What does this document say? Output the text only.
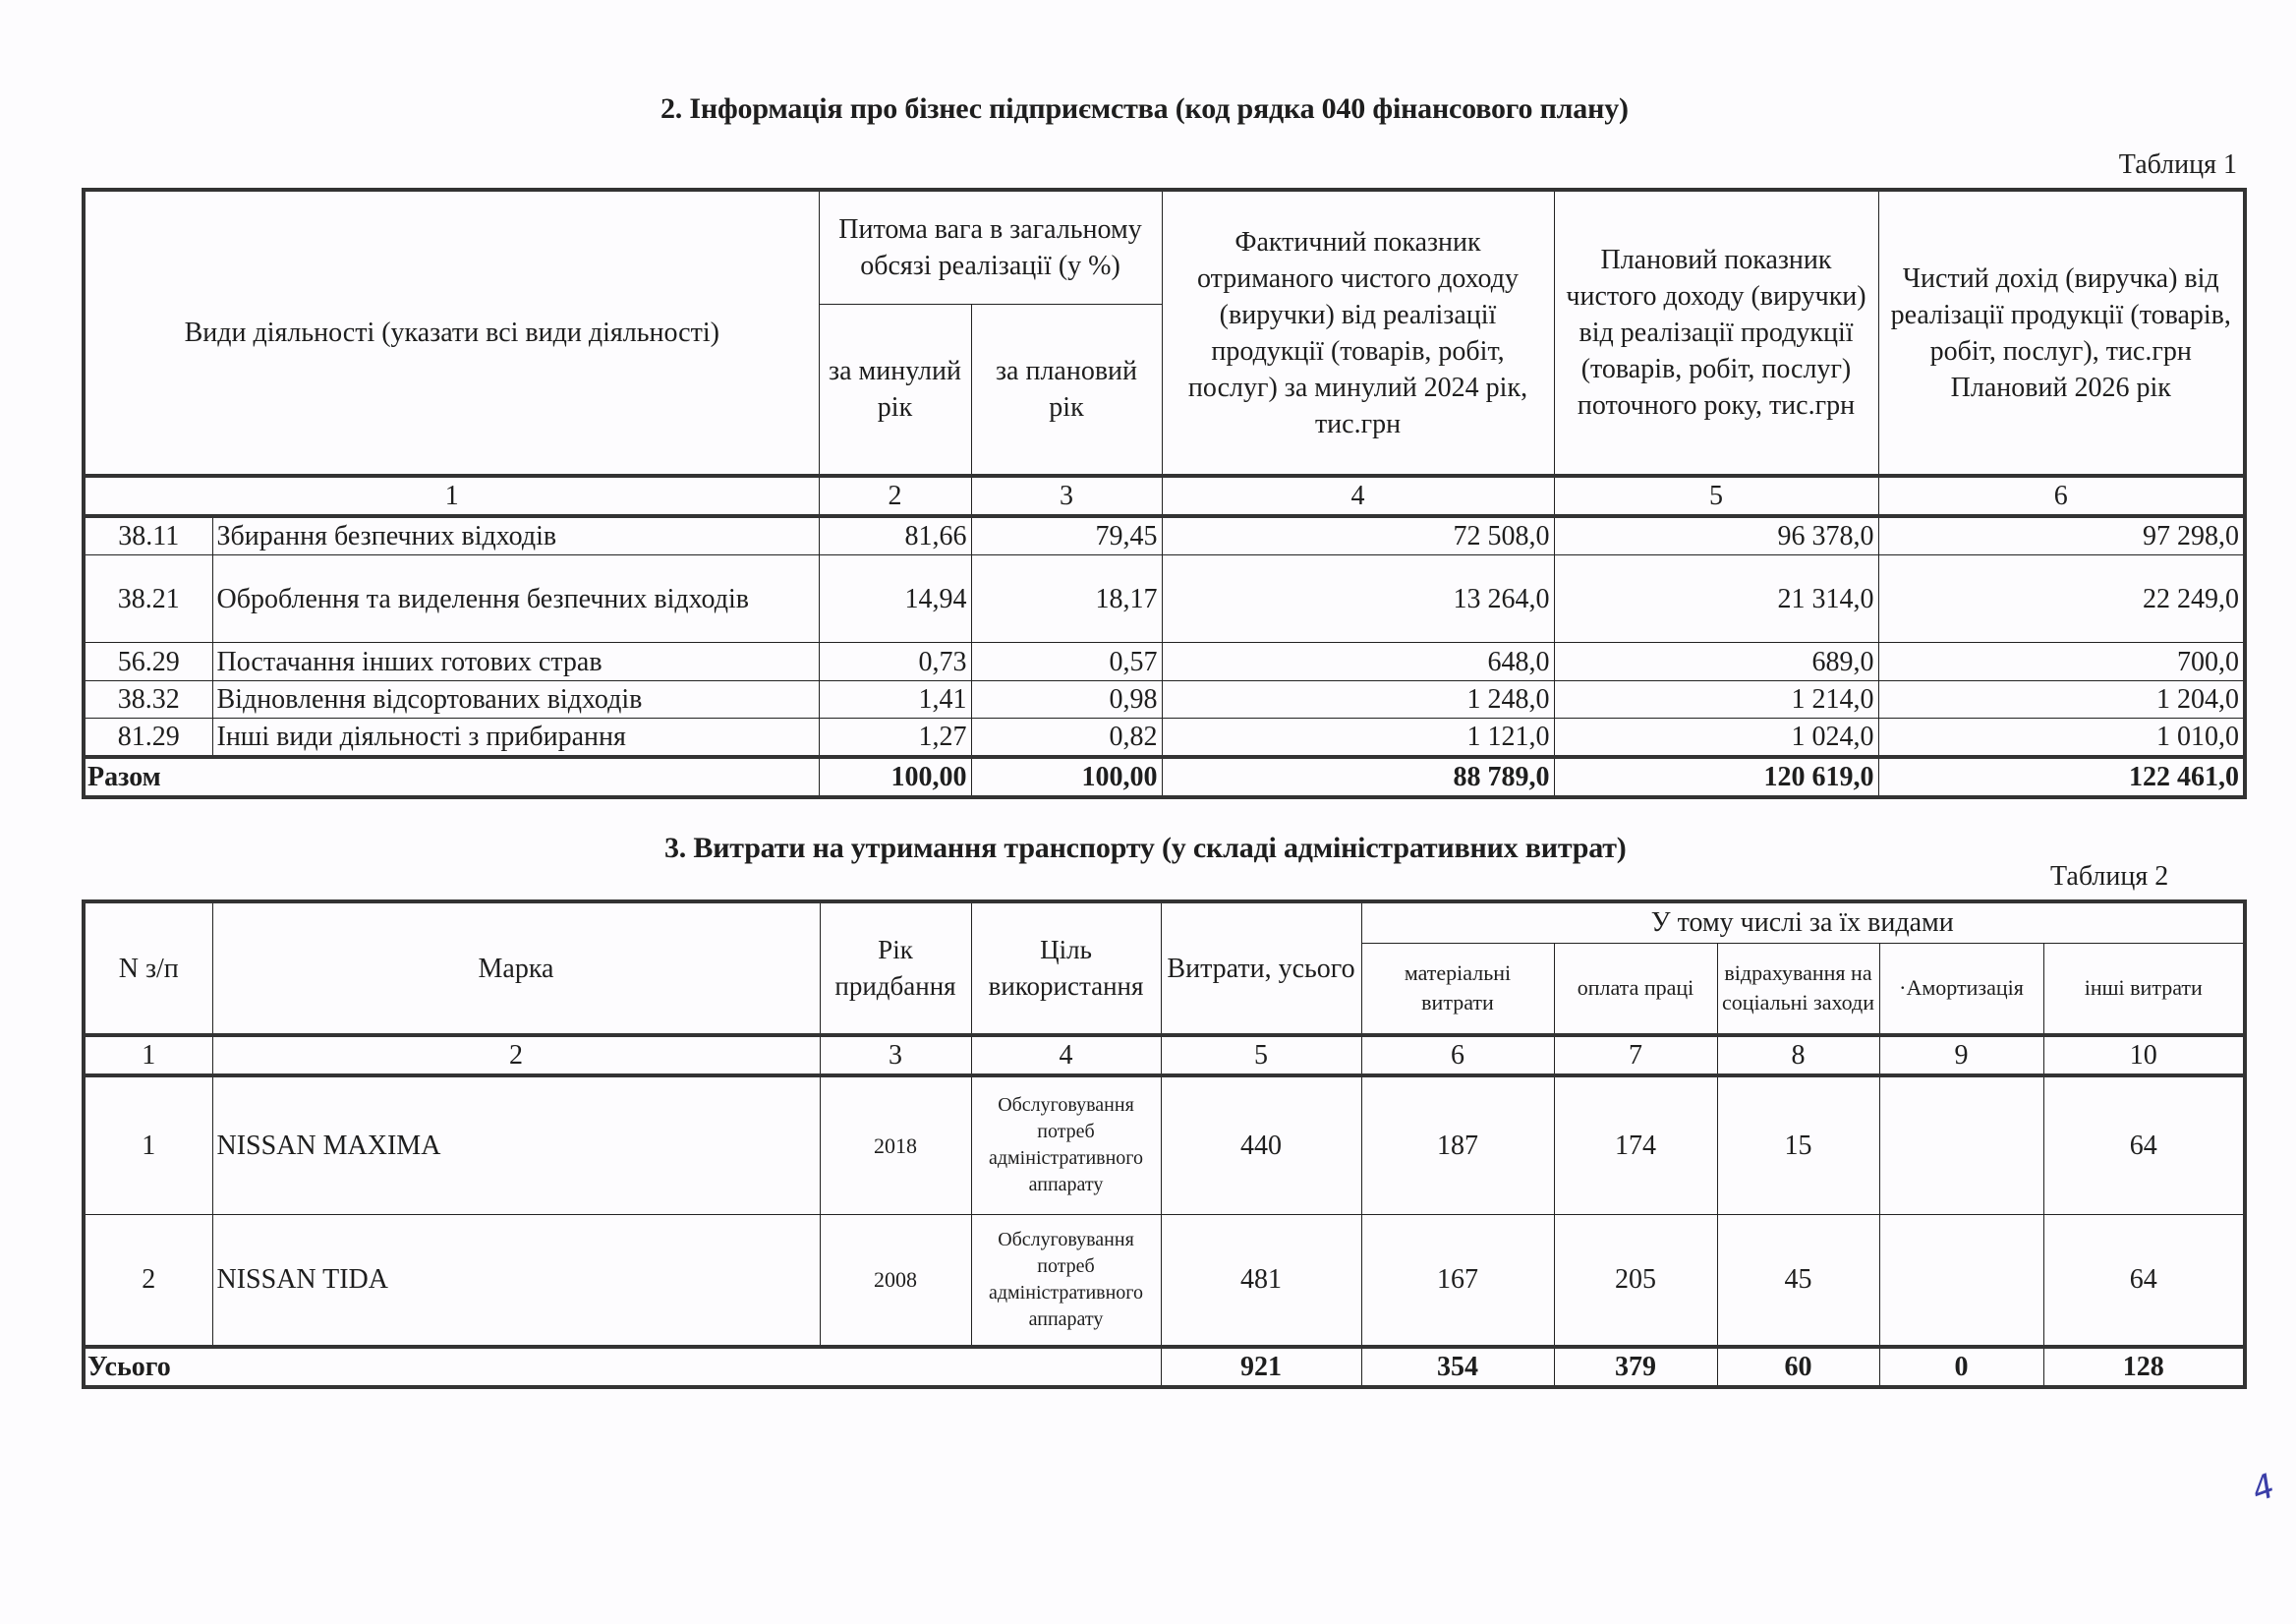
2. Інформація про бізнес підприємства (код рядка 040 фінансового плану)
Таблиця 1
Види діяльності (указати всі види діяльності)		Питома вага в загальному обсязі реалізації (у %)		Фактичний показник отриманого чистого доходу (виручки) від реалізації продукції (товарів, робіт, послуг) за минулий 2024 рік, тис.грн	Плановий показник чистого доходу (виручки) від реалізації продукції (товарів, робіт, послуг) поточного року, тис.грн	Чистий дохід (виручка) від реалізації продукції (товарів, робіт, послуг), тис.грн Плановий 2026 рік
		за минулий рік	за плановий рік			
1		2	3	4	5	6
38.11	Збирання безпечних відходів	81,66	79,45	72 508,0	96 378,0	97 298,0
38.21	Оброблення та виделення безпечних відходів	14,94	18,17	13 264,0	21 314,0	22 249,0
56.29	Постачання інших готових страв	0,73	0,57	648,0	689,0	700,0
38.32	Відновлення відсортованих відходів	1,41	0,98	1 248,0	1 214,0	1 204,0
81.29	Інші види діяльності з прибирання	1,27	0,82	1 121,0	1 024,0	1 010,0
Разом		100,00	100,00	88 789,0	120 619,0	122 461,0
3. Витрати на утримання транспорту (у складі адміністративних витрат)
Таблиця 2
N з/п	Марка	Рік придбання	Ціль використання	Витрати, усього	У тому числі за їх видами				
					матеріальні витрати	оплата праці	відрахування на соціальні заходи	·Амортизація	інші витрати
1	2	3	4	5	6	7	8	9	10
1	NISSAN MAXIMA	2018	Обслуговування потреб адміністративного аппарату	440	187	174	15		64
2	NISSAN TIDA	2008	Обслуговування потреб адміністративного аппарату	481	167	205	45		64
Усього				921	354	379	60	0	128
4
